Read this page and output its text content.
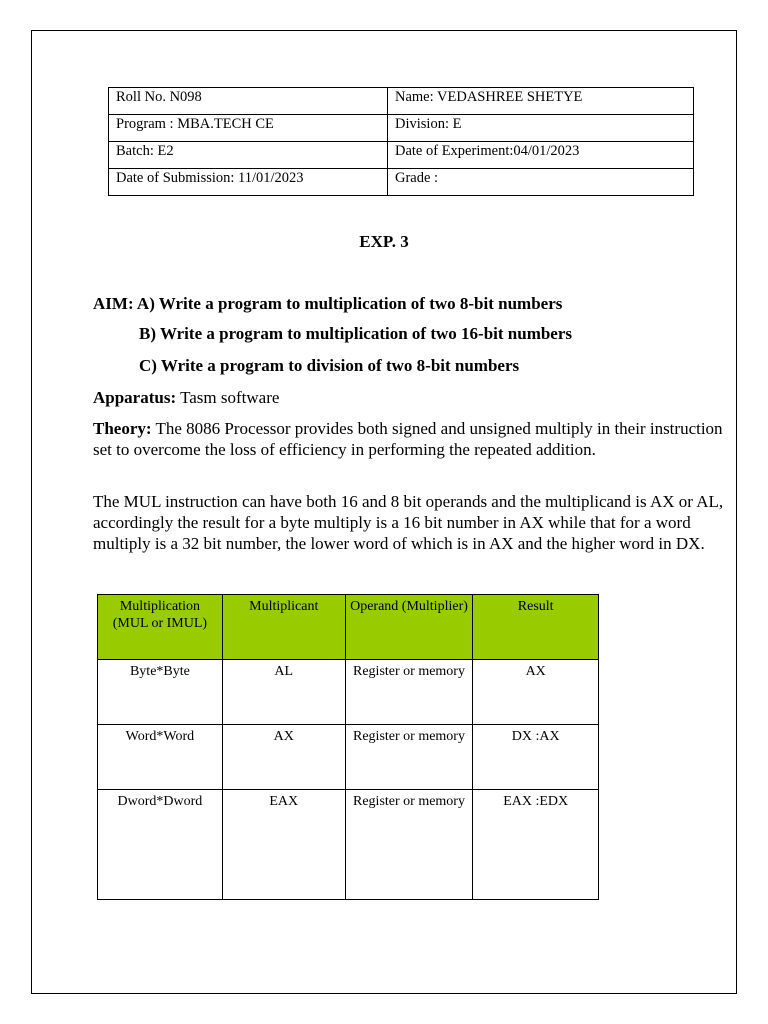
Roll No. N098	Name: VEDASHREE SHETYE
Program : MBA.TECH CE	Division: E
Batch: E2	Date of Experiment:04/01/2023
Date of Submission: 11/01/2023	Grade :
EXP. 3
AIM: A) Write a program to multiplication of two 8-bit numbers
B) Write a program to multiplication of two 16-bit numbers
C) Write a program to division of two 8-bit numbers
Apparatus: Tasm software
Theory: The 8086 Processor provides both signed and unsigned multiply in their instruction set to overcome the loss of efficiency in performing the repeated addition.
The MUL instruction can have both 16 and 8 bit operands and the multiplicand is AX or AL, accordingly the result for a byte multiply is a 16 bit number in AX while that for a word multiply is a 32 bit number, the lower word of which is in AX and the higher word in DX.
Multiplication (MUL or IMUL)	Multiplicant	Operand (Multiplier)	Result
Byte*Byte	AL	Register or memory	AX
Word*Word	AX	Register or memory	DX :AX
Dword*Dword	EAX	Register or memory	EAX :EDX
